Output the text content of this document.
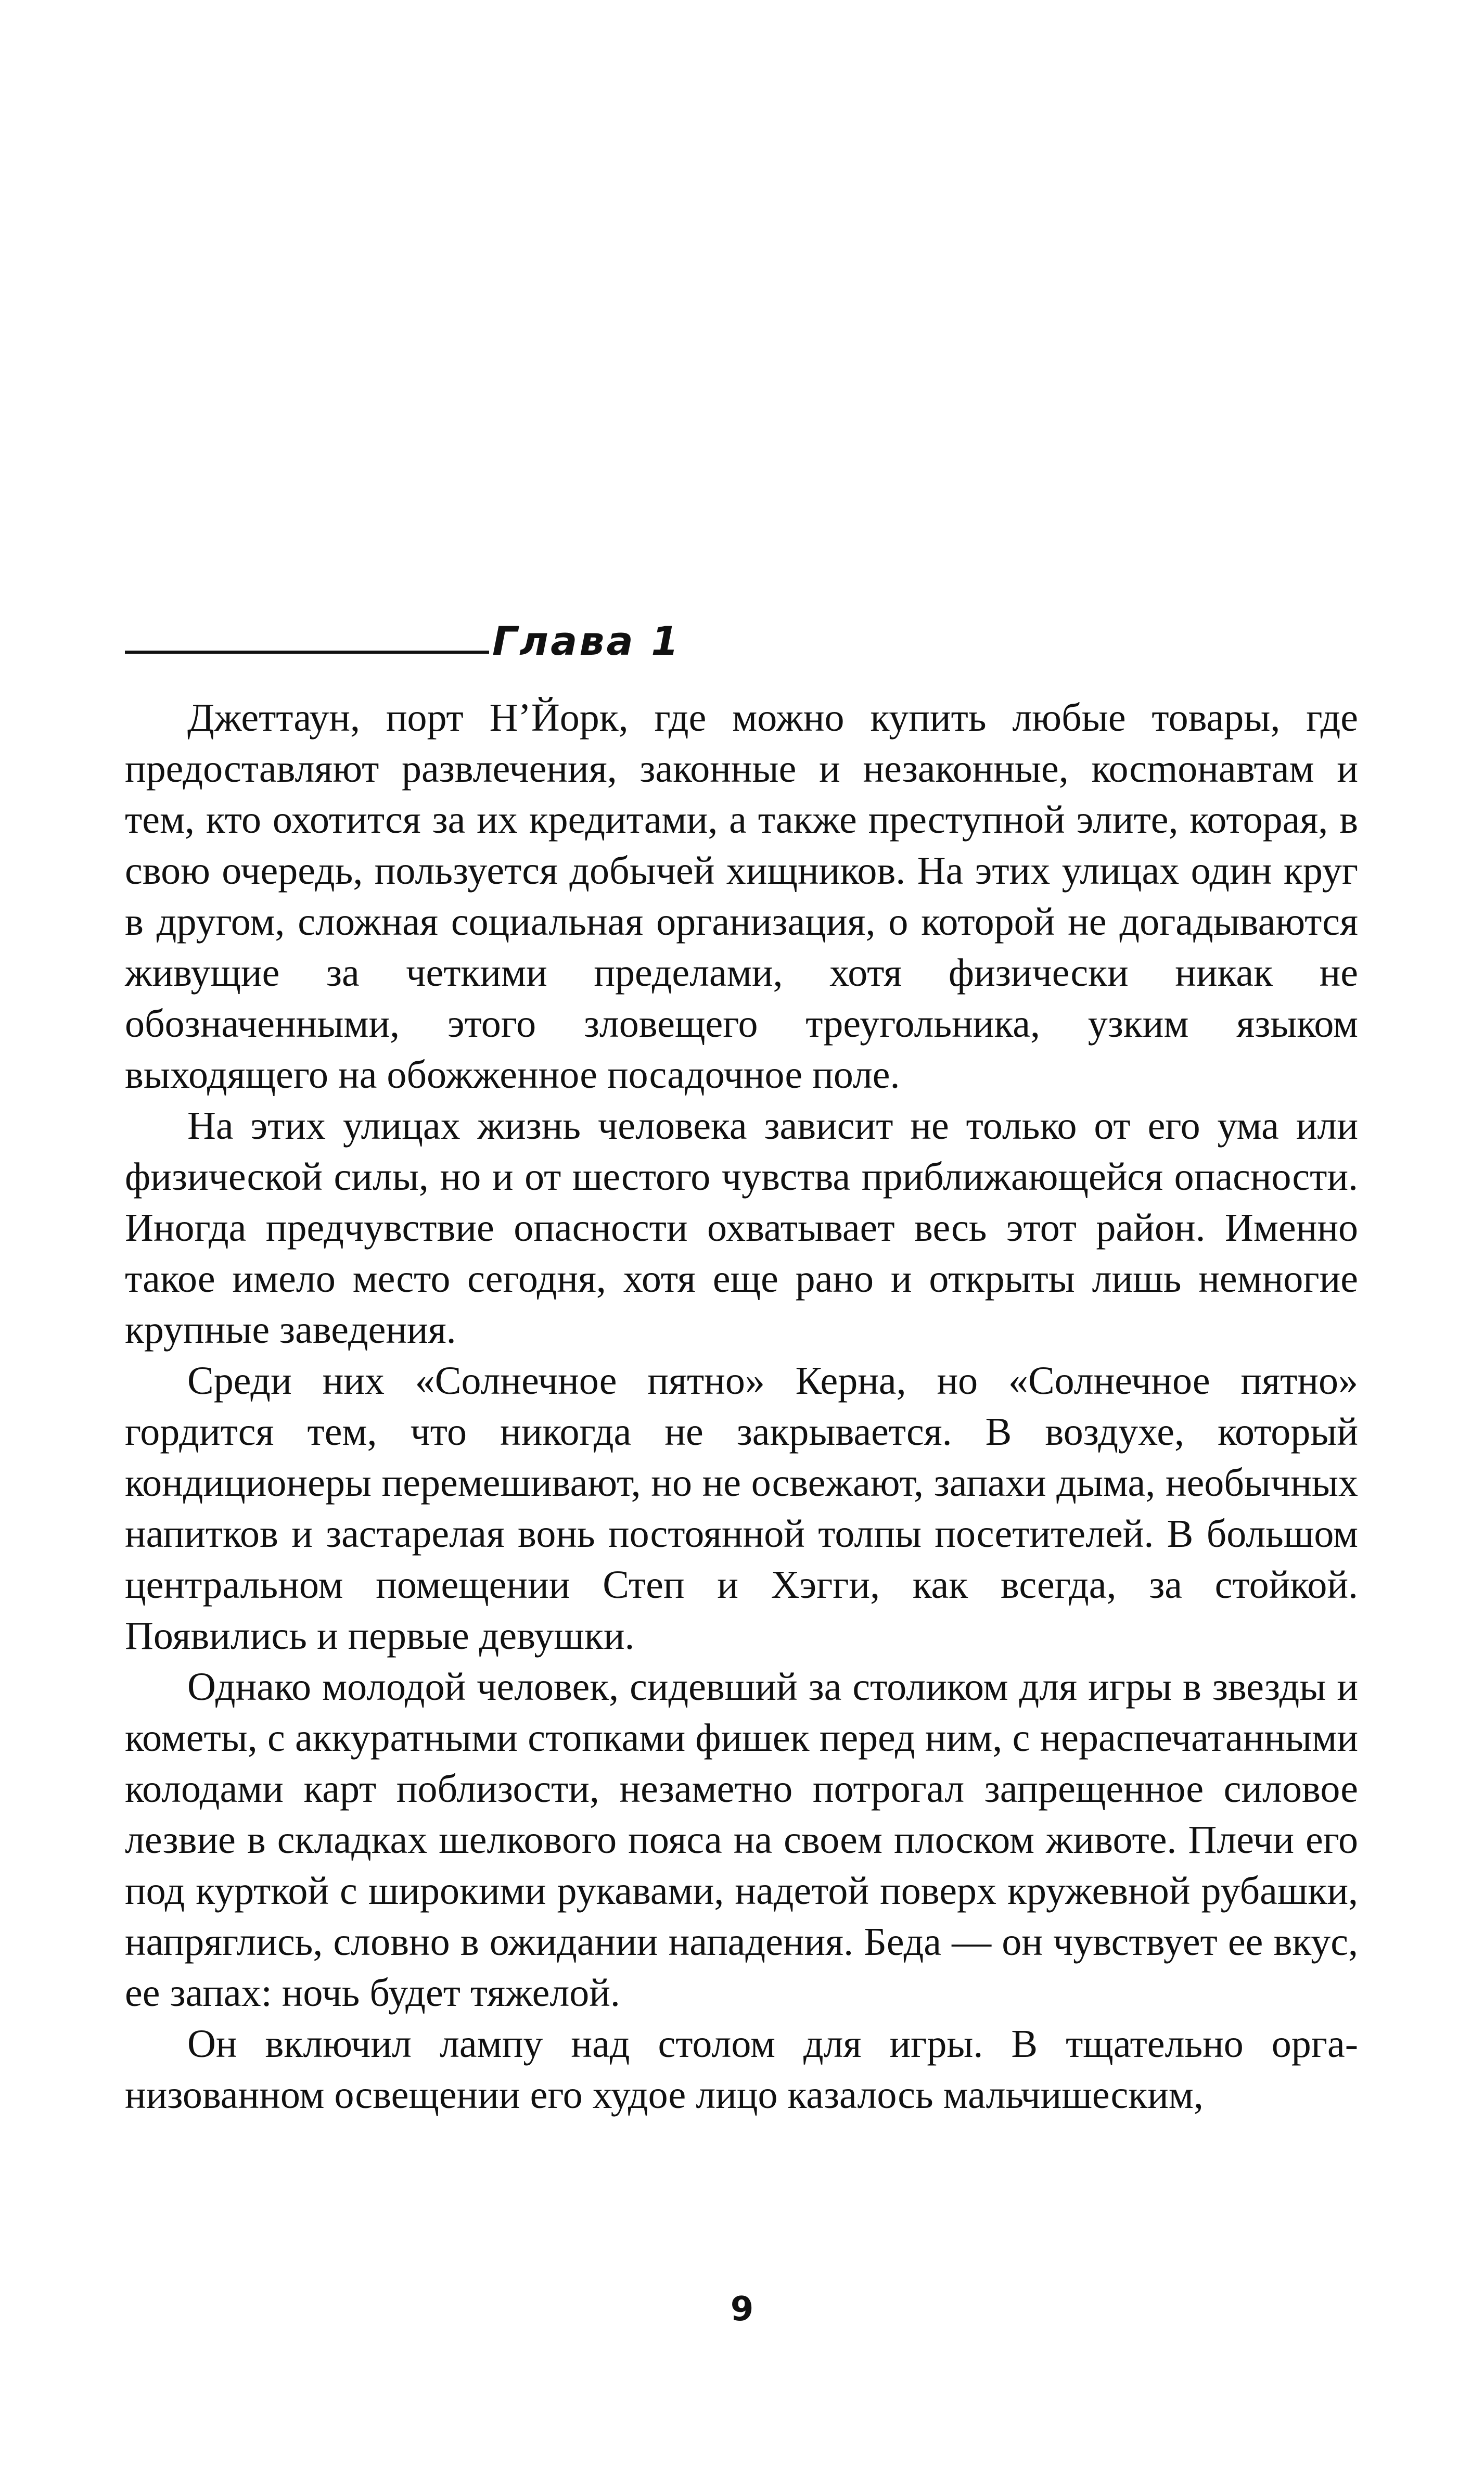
Глава 1

Джеттаун, порт Н’Йорк, где можно купить любые товары, где предоставляют развлечения, законные и незаконные, косmонавтам и тем, кто охотится за их кредитами, а также преступной элите, которая, в свою очередь, пользуется добычей хищников. На этих улицах один круг в другом, сложная социальная организация, о которой не догадываются живущие за четкими пределами, хотя физически никак не обозначенными, этого зловещего треугольника, узким языком выходящего на обожженное посадочное поле.

На этих улицах жизнь человека зависит не только от его ума или физической силы, но и от шестого чувства приближающейся опасности. Иногда предчувствие опасности охватывает весь этот район. Именно такое имело место сегодня, хотя еще рано и открыты лишь немногие крупные заведения.

Среди них «Солнечное пятно» Керна, но «Солнечное пятно» гордится тем, что никогда не закрывается. В воздухе, который кондиционеры перемешивают, но не освежают, запахи дыма, необычных напитков и застарелая вонь постоянной толпы посетителей. В большом центральном помещении Степ и Хэгги, как всегда, за стойкой. Появились и первые девушки.

Однако молодой человек, сидевший за столиком для игры в звезды и кометы, с аккуратными стопками фишек перед ним, с нераспечатанными колодами карт поблизости, незаметно потрогал запрещенное силовое лезвие в складках шелкового пояса на своем плоском животе. Плечи его под курткой с широкими рукавами, надетой поверх кружевной рубашки, напряглись, словно в ожидании нападения. Беда — он чувствует ее вкус, ее запах: ночь будет тяжелой.

Он включил лампу над столом для игры. В тщательно организованном освещении его худое лицо казалось мальчишеским,

9
